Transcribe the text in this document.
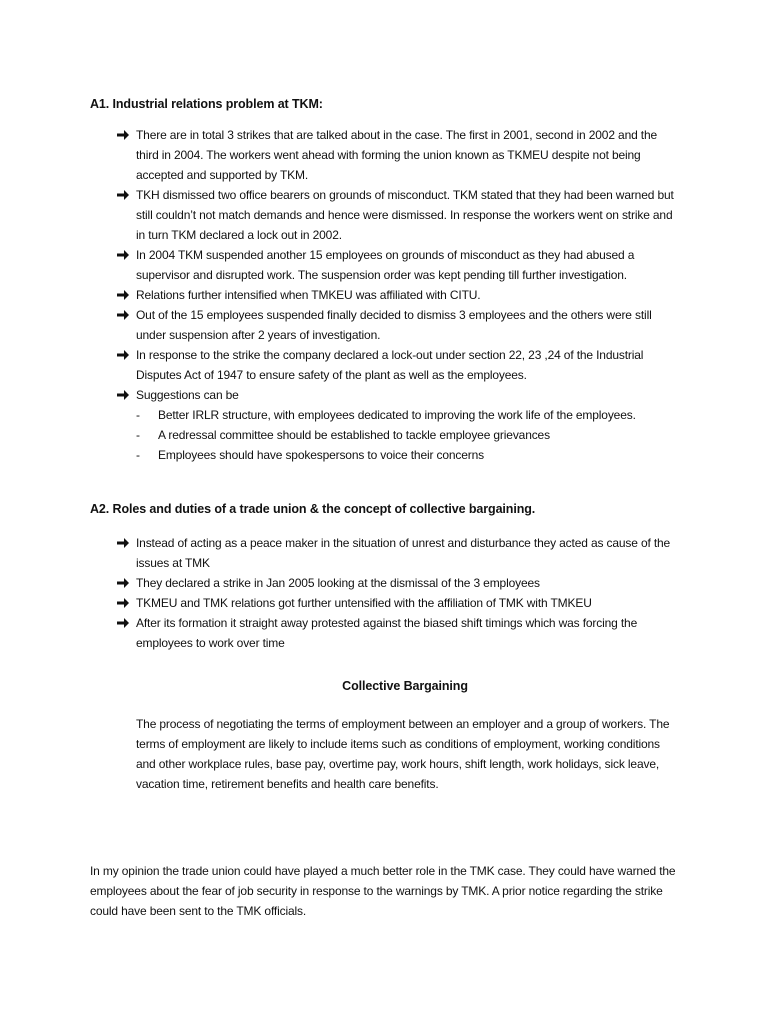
A1. Industrial relations problem at TKM:
There are in total 3 strikes that are talked about in the case. The first in 2001, second in 2002 and the third in 2004. The workers went ahead with forming the union known as TKMEU despite not being accepted and supported by TKM.
TKH dismissed two office bearers on grounds of misconduct. TKM stated that they had been warned but still couldn’t not match demands and hence were dismissed. In response the workers went on strike and in turn TKM declared a lock out in 2002.
In 2004 TKM suspended another 15 employees on grounds of misconduct as they had abused a supervisor and disrupted work. The suspension order was kept pending till further investigation.
Relations further intensified when TMKEU was affiliated with CITU.
Out of the 15 employees suspended finally decided to dismiss 3 employees and the others were still under suspension after 2 years of investigation.
In response to the strike the company declared a lock-out under section 22, 23 ,24 of the Industrial Disputes Act of 1947 to ensure safety of the plant as well as the employees.
Suggestions can be
- Better IRLR structure, with employees dedicated to improving the work life of the employees.
- A redressal committee should be established to tackle employee grievances
- Employees should have spokespersons to voice their concerns
A2. Roles and duties of a trade union & the concept of collective bargaining.
Instead of acting as a peace maker in the situation of unrest and disturbance they acted as cause of the issues at TMK
They declared a strike in Jan 2005 looking at the dismissal of the 3 employees
TKMEU and TMK relations got further untensified with the affiliation of TMK with TMKEU
After its formation it straight away protested against the biased shift timings which was forcing the employees to work over time
Collective Bargaining

The process of negotiating the terms of employment between an employer and a group of workers. The terms of employment are likely to include items such as conditions of employment, working conditions and other workplace rules, base pay, overtime pay, work hours, shift length, work holidays, sick leave, vacation time, retirement benefits and health care benefits.

In my opinion the trade union could have played a much better role in the TMK case. They could have warned the employees about the fear of job security in response to the warnings by TMK. A prior notice regarding the strike could have been sent to the TMK officials.
